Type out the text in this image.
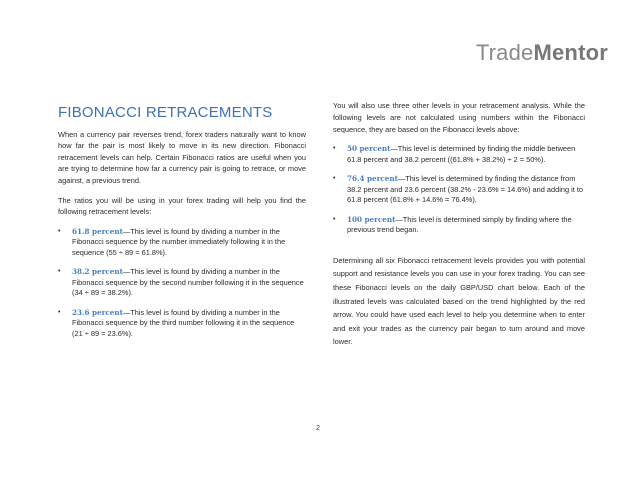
TradeMentor
FIBONACCI RETRACEMENTS

When a currency pair reverses trend, forex traders naturally want to know how far the pair is most likely to move in its new direction. Fibonacci retracement levels can help. Certain Fibonacci ratios are useful when you are trying to determine how far a currency pair is going to retrace, or move against, a previous trend.

The ratios you will be using in your forex trading will help you find the following retracement levels:

• 61.8 percent—This level is found by dividing a number in the Fibonacci sequence by the number immediately following it in the sequence (55 ÷ 89 = 61.8%).
• 38.2 percent—This level is found by dividing a number in the Fibonacci sequence by the second number following it in the sequence (34 ÷ 89 = 38.2%).
• 23.6 percent—This level is found by dividing a number in the Fibonacci sequence by the third number following it in the sequence (21 ÷ 89 = 23.6%).

You will also use three other levels in your retracement analysis. While the following levels are not calculated using numbers within the Fibonacci sequence, they are based on the Fibonacci levels above:

• 50 percent—This level is determined by finding the middle between 61.8 percent and 38.2 percent ((61.8% + 38.2%) ÷ 2 = 50%).
• 76.4 percent—This level is determined by finding the distance from 38.2 percent and 23.6 percent (38.2% - 23.6% = 14.6%) and adding it to 61.8 percent (61.8% + 14.6% = 76.4%).
• 100 percent—This level is determined simply by finding where the previous trend began.

Determining all six Fibonacci retracement levels provides you with potential support and resistance levels you can use in your forex trading. You can see these Fibonacci levels on the daily GBP/USD chart below. Each of the illustrated levels was calculated based on the trend highlighted by the red arrow. You could have used each level to help you determine when to enter and exit your trades as the currency pair began to turn around and move lower.

2
